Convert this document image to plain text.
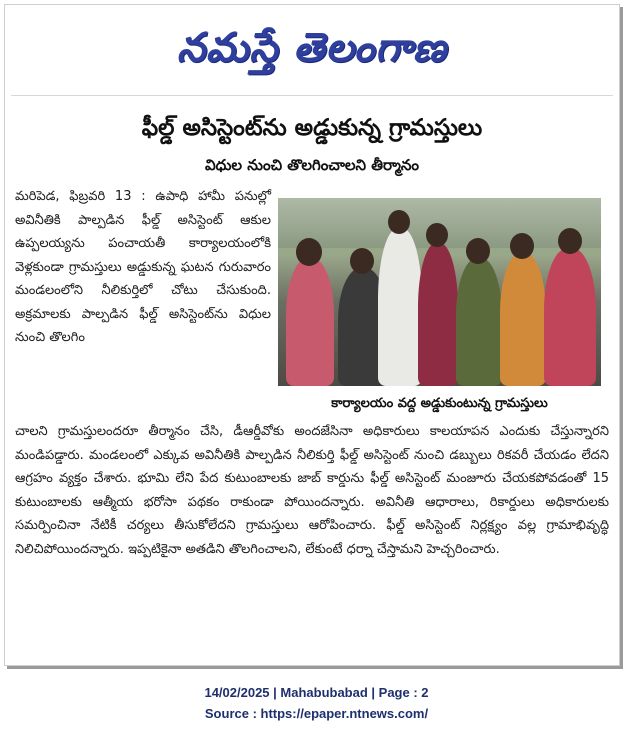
నమస్తే తెలంగాణ
ఫీల్డ్ అసిస్టెంట్‌ను అడ్డుకున్న గ్రామస్తులు
విధుల నుంచి తొలగించాలని తీర్మానం
మరిపెడ, ఫిబ్రవరి 13 : ఉపాధి హామీ పనుల్లో అవినీతికి పాల్పడిన ఫీల్డ్ అసిస్టెంట్ ఆకుల ఉప్పలయ్యను పంచాయతీ కార్యాలయంలోకి వెళ్లకుండా గ్రామస్తులు అడ్డుకున్న ఘటన గురువారం మండలంలోని నీలికుర్తిలో చోటు చేసుకుంది. అక్రమాలకు పాల్పడిన ఫీల్డ్ అసిస్టెంట్‌ను విధుల నుంచి తొలగిం
కార్యాలయం వద్ద అడ్డుకుంటున్న గ్రామస్తులు
చాలని గ్రామస్తులందరూ తీర్మానం చేసి, డీఆర్డీవోకు అందజేసినా అధికారులు కాలయాపన ఎందుకు చేస్తున్నారని మండిపడ్డారు. మండలంలో ఎక్కువ అవినీతికి పాల్పడిన నీలికుర్తి ఫీల్డ్ అసిస్టెంట్ నుంచి డబ్బులు రికవరీ చేయడం లేదని ఆగ్రహం వ్యక్తం చేశారు. భూమి లేని పేద కుటుంబాలకు జాబ్ కార్డును ఫీల్డ్ అసిస్టెంట్ మంజూరు చేయకపోవడంతో 15 కుటుంబాలకు ఆత్మీయ భరోసా పథకం రాకుండా పోయిందన్నారు. అవినీతి ఆధారాలు, రికార్డులు అధికారులకు సమర్పించినా నేటికీ చర్యలు తీసుకోలేదని గ్రామస్తులు ఆరోపించారు. ఫీల్డ్ అసిస్టెంట్ నిర్లక్ష్యం వల్ల గ్రామాభివృద్ధి నిలిచిపోయిందన్నారు. ఇప్పటికైనా అతడిని తొలగించాలని, లేకుంటే ధర్నా చేస్తామని హెచ్చరించారు.
14/02/2025 | Mahabubabad | Page : 2
Source : https://epaper.ntnews.com/
